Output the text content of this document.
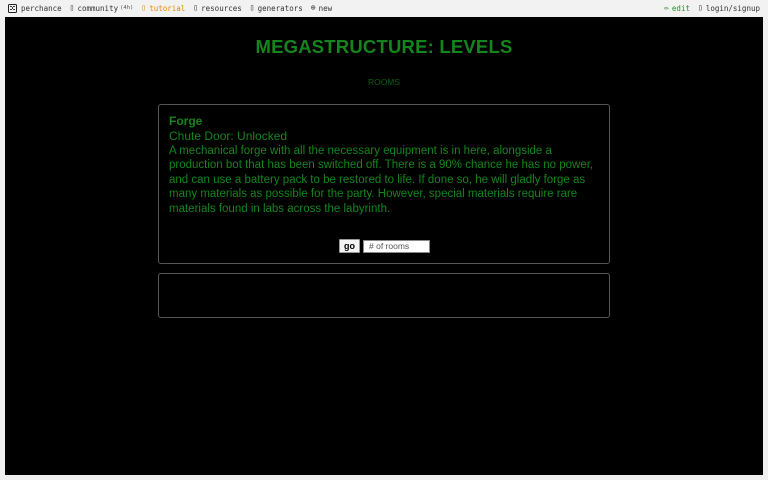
perchance ▯ community (4h) ▯ tutorial ▯ resources ▯ generators ⊕ new	✏ edit ▯ login/signup
MEGASTRUCTURE: LEVELS
ROOMS
Forge
Chute Door: Unlocked
A mechanical forge with all the necessary equipment is in here, alongside a production bot that has been switched off. There is a 90% chance he has no power, and can use a battery pack to be restored to life. If done so, he will gladly forge as many materials as possible for the party. However, special materials require rare materials found in labs across the labyrinth.
go
# of rooms
